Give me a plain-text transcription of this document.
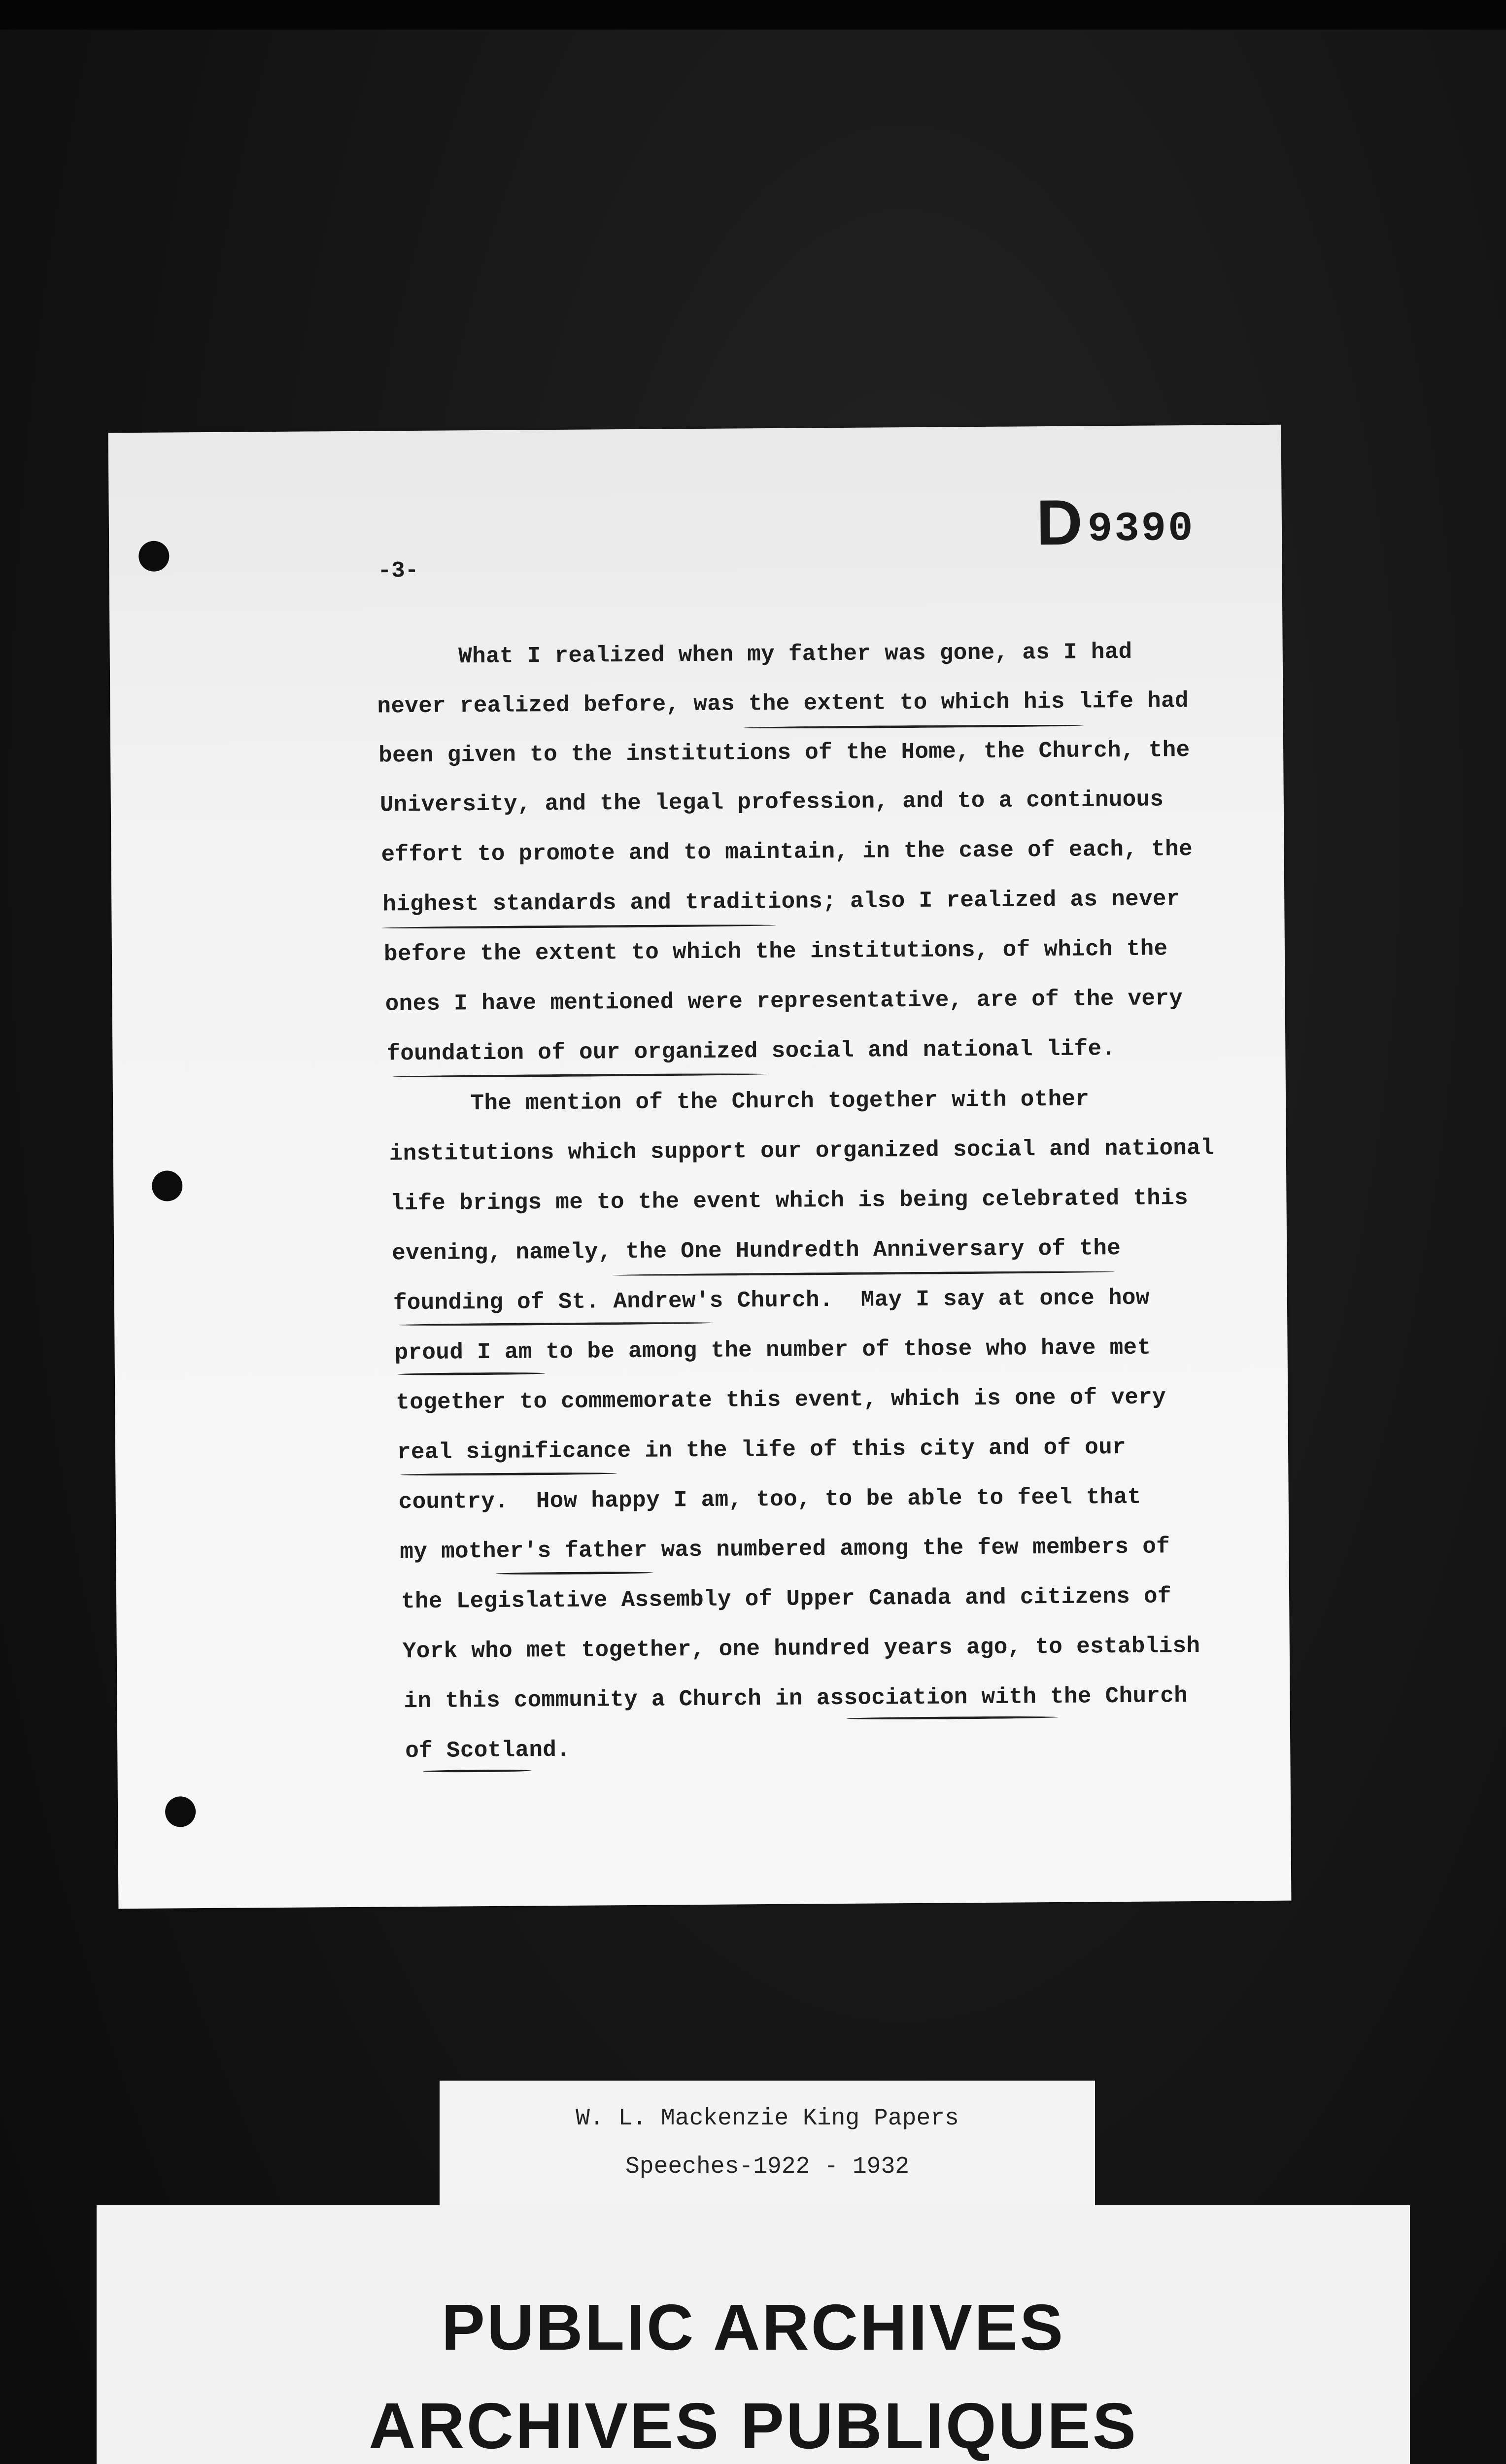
D9390
-3-
What I realized when my father was gone, as I had
never realized before, was the extent to which his life had
been given to the institutions of the Home, the Church, the
University, and the legal profession, and to a continuous
effort to promote and to maintain, in the case of each, the
highest standards and traditions; also I realized as never
before the extent to which the institutions, of which the
ones I have mentioned were representative, are of the very
foundation of our organized social and national life.
The mention of the Church together with other
institutions which support our organized social and national
life brings me to the event which is being celebrated this
evening, namely, the One Hundredth Anniversary of the
founding of St. Andrew's Church.  May I say at once how
proud I am to be among the number of those who have met
together to commemorate this event, which is one of very
real significance in the life of this city and of our
country.  How happy I am, too, to be able to feel that
my mother's father was numbered among the few members of
the Legislative Assembly of Upper Canada and citizens of
York who met together, one hundred years ago, to establish
in this community a Church in association with the Church
of Scotland.
W. L. Mackenzie King Papers
Speeches-1922 - 1932
PUBLIC ARCHIVES
ARCHIVES PUBLIQUES
